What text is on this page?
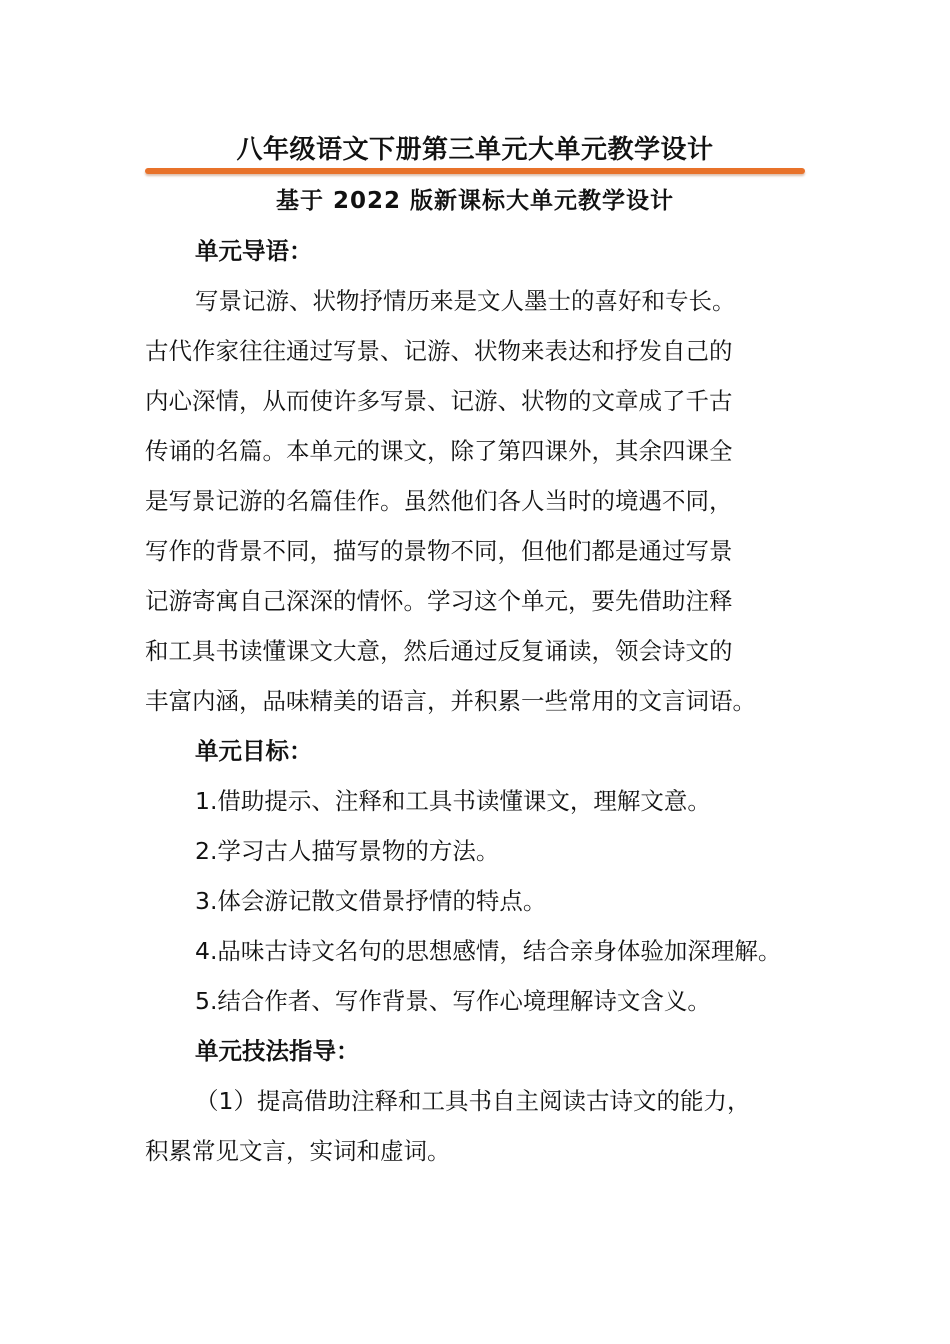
八年级语文下册第三单元大单元教学设计
基于 2022 版新课标大单元教学设计
单元导语：
写景记游、状物抒情历来是文人墨士的喜好和专长。
古代作家往往通过写景、记游、状物来表达和抒发自己的
内心深情，从而使许多写景、记游、状物的文章成了千古
传诵的名篇。本单元的课文，除了第四课外，其余四课全
是写景记游的名篇佳作。虽然他们各人当时的境遇不同，
写作的背景不同，描写的景物不同，但他们都是通过写景
记游寄寓自己深深的情怀。学习这个单元，要先借助注释
和工具书读懂课文大意，然后通过反复诵读，领会诗文的
丰富内涵，品味精美的语言，并积累一些常用的文言词语。
单元目标：
1.借助提示、注释和工具书读懂课文，理解文意。
2.学习古人描写景物的方法。
3.体会游记散文借景抒情的特点。
4.品味古诗文名句的思想感情，结合亲身体验加深理解。
5.结合作者、写作背景、写作心境理解诗文含义。
单元技法指导：
（1）提高借助注释和工具书自主阅读古诗文的能力，
积累常见文言，实词和虚词。
